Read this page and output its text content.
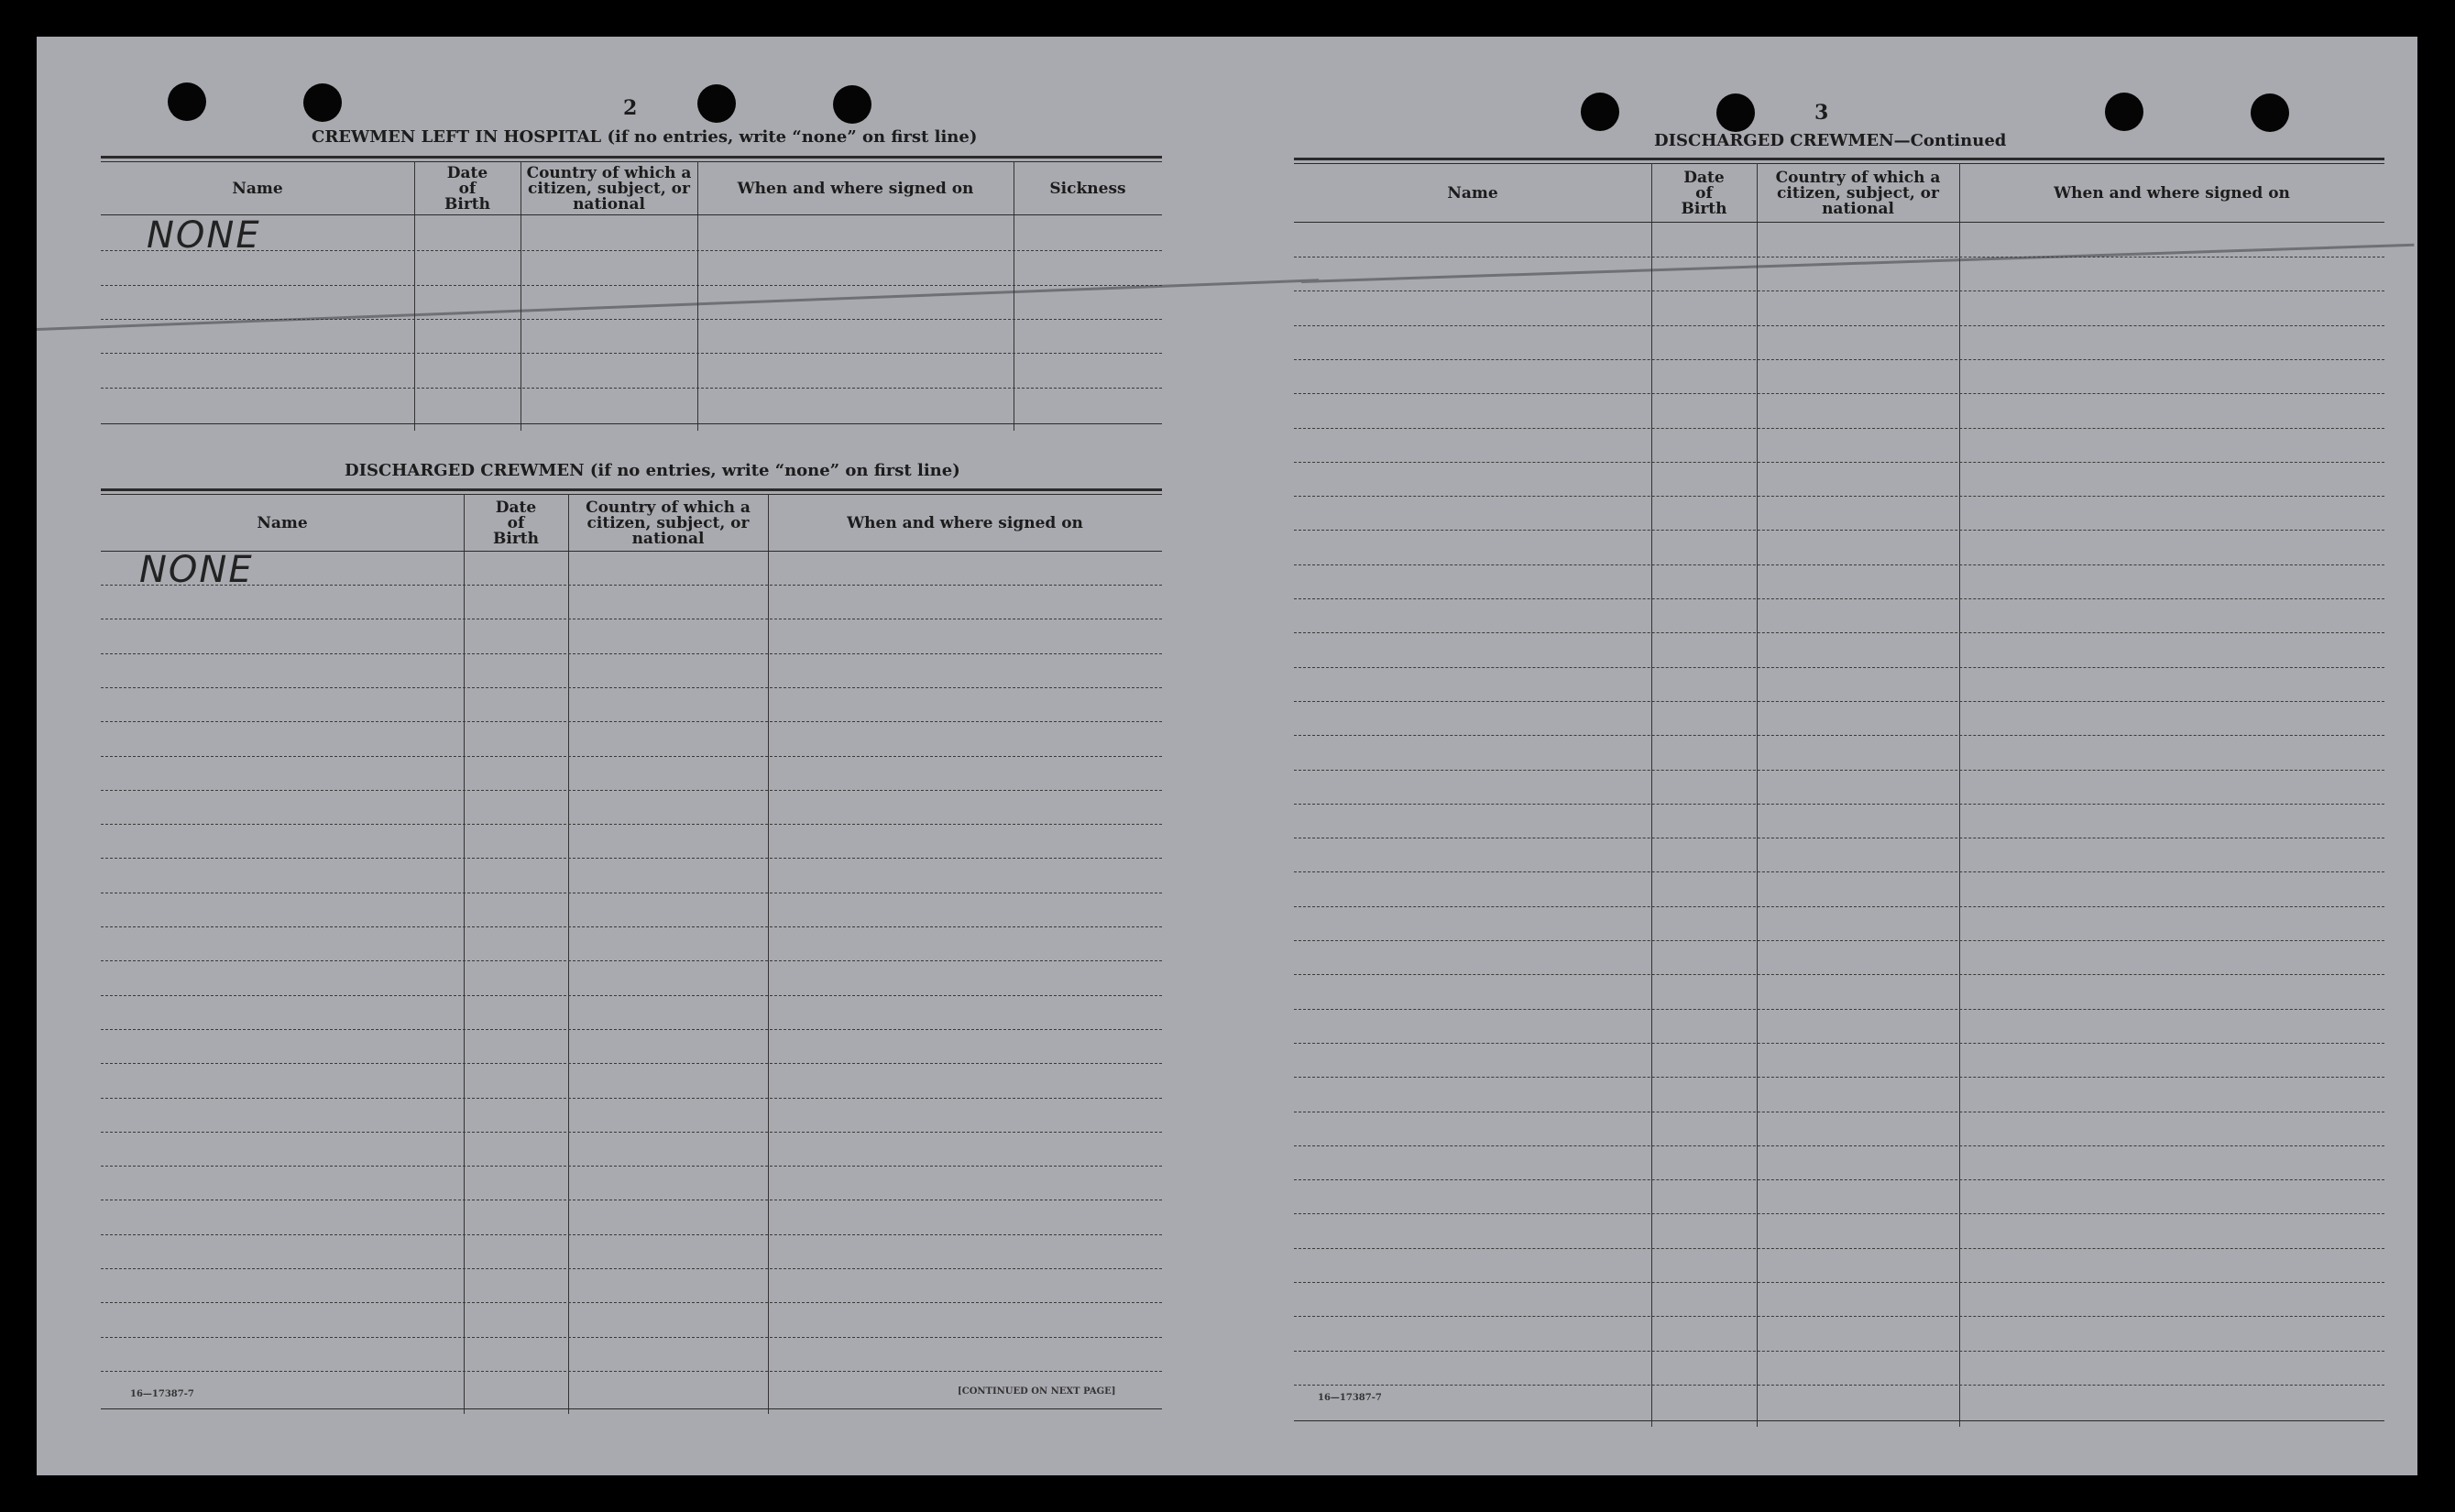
2
CREWMEN LEFT IN HOSPITAL (if no entries, write “none” on first line)
Name
Date of Birth
Country of which a citizen, subject, or national
When and where signed on	Sickness
NONE
DISCHARGED CREWMEN (if no entries, write “none” on first line)
Name
Date of Birth
Country of which a citizen, subject, or national
When and where signed on
NONE
16—17387-7	[CONTINUED ON NEXT PAGE]
3
DISCHARGED CREWMEN—Continued
Name
Date of Birth
Country of which a citizen, subject, or national
When and where signed on
16—17387-7
